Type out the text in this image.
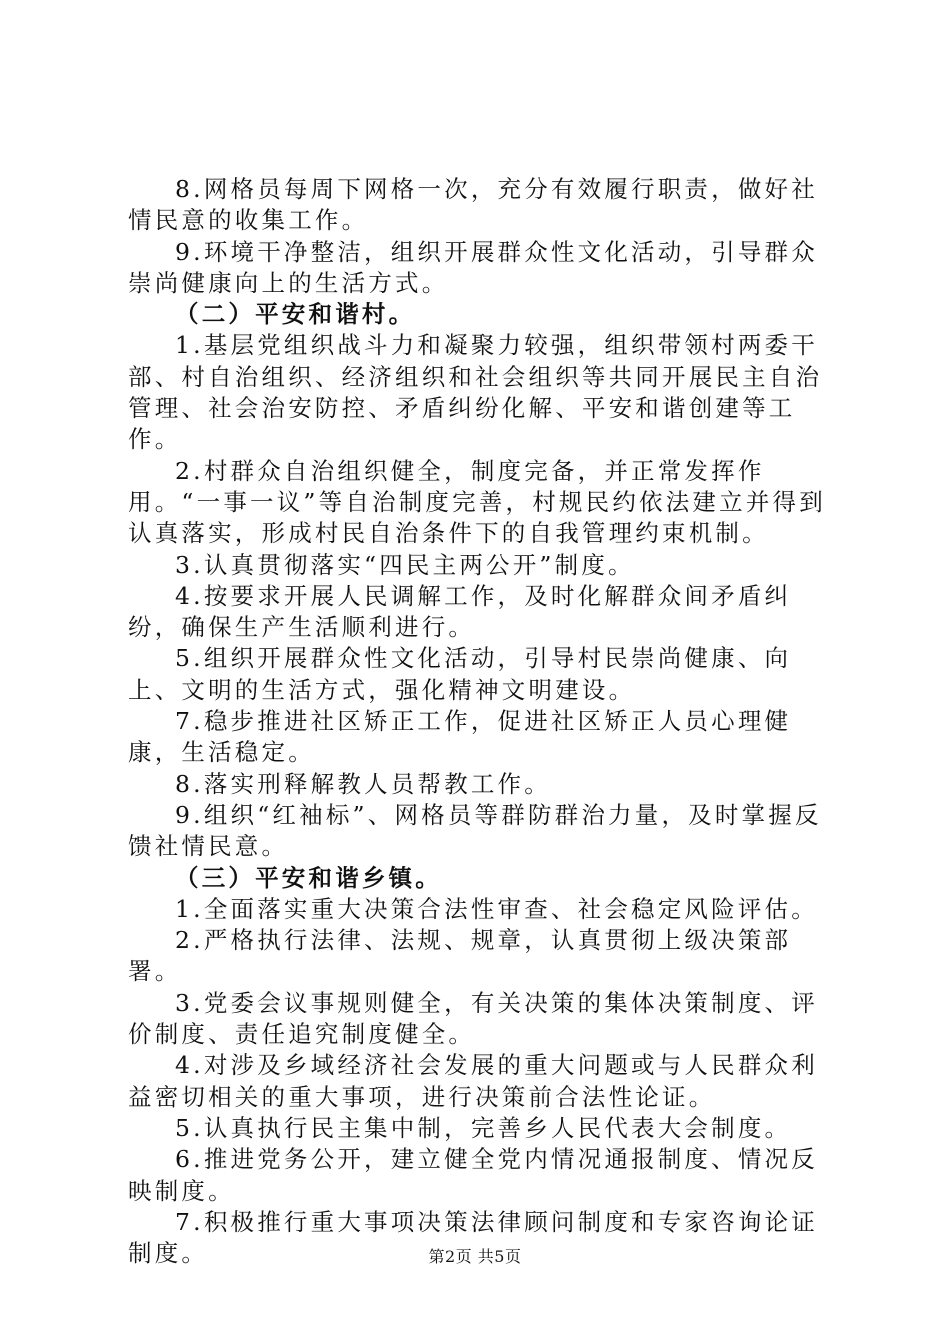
8.网格员每周下网格一次，充分有效履行职责，做好社情民意的收集工作。

9.环境干净整洁，组织开展群众性文化活动，引导群众崇尚健康向上的生活方式。

（二）平安和谐村。

1.基层党组织战斗力和凝聚力较强，组织带领村两委干部、村自治组织、经济组织和社会组织等共同开展民主自治管理、社会治安防控、矛盾纠纷化解、平安和谐创建等工作。

2.村群众自治组织健全，制度完备，并正常发挥作用。“一事一议”等自治制度完善，村规民约依法建立并得到认真落实，形成村民自治条件下的自我管理约束机制。

3.认真贯彻落实“四民主两公开”制度。

4.按要求开展人民调解工作，及时化解群众间矛盾纠纷，确保生产生活顺利进行。

5.组织开展群众性文化活动，引导村民崇尚健康、向上、文明的生活方式，强化精神文明建设。

7.稳步推进社区矫正工作，促进社区矫正人员心理健康，生活稳定。

8.落实刑释解教人员帮教工作。

9.组织“红袖标”、网格员等群防群治力量，及时掌握反馈社情民意。

（三）平安和谐乡镇。

1.全面落实重大决策合法性审查、社会稳定风险评估。

2.严格执行法律、法规、规章，认真贯彻上级决策部署。

3.党委会议事规则健全，有关决策的集体决策制度、评价制度、责任追究制度健全。

4.对涉及乡域经济社会发展的重大问题或与人民群众利益密切相关的重大事项，进行决策前合法性论证。

5.认真执行民主集中制，完善乡人民代表大会制度。

6.推进党务公开，建立健全党内情况通报制度、情况反映制度。

7.积极推行重大事项决策法律顾问制度和专家咨询论证制度。	第2页 共5页
